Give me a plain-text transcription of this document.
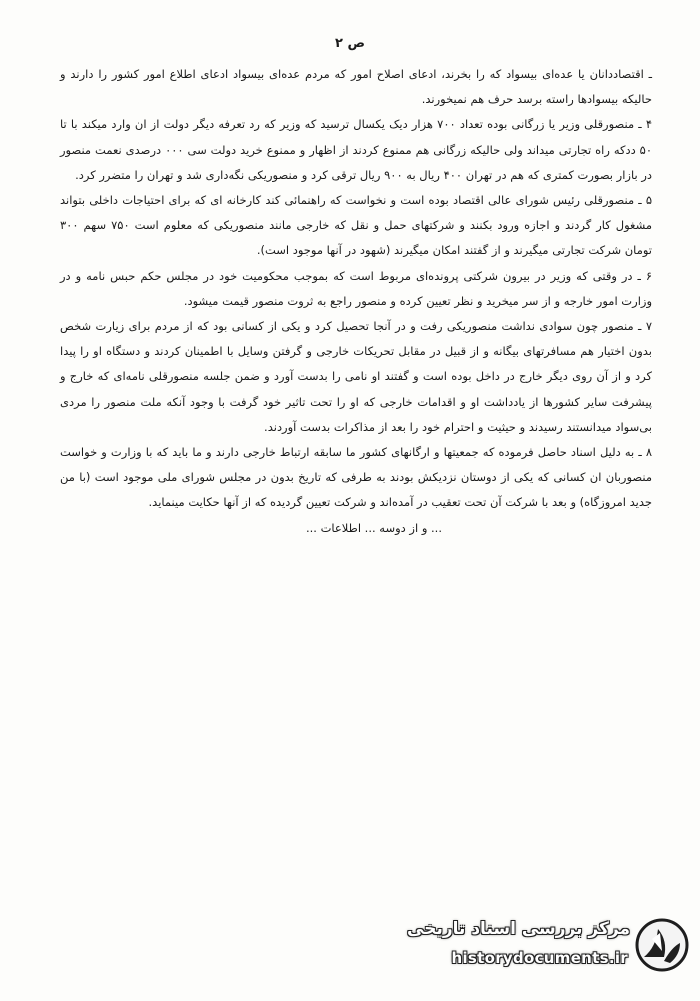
ص ۲

ـ اقتصاددانان یا عده‌ای بیسواد که را بخرند، ادعای اصلاح امور که مردم عده‌ای بیسواد ادعای اطلاع امور کشور را دارند و حالیکه بیسوادها راسته برسد حرف هم نمیخورند.

۴ ـ منصورقلی وزیر یا زرگانی بوده تعداد ۷۰۰ هزار دیک یکسال ترسید که وزیر که رد تعرفه دیگر دولت از ان وارد میکند با تا ۵۰ ددکه راه تجارتی میداند ولی حالیکه زرگانی هم ممنوع کردند از اظهار و ممنوع خرید دولت سی ۰۰۰ درصدی نعمت منصور در بازار بصورت کمتری که هم در تهران ۴۰۰ ریال به ۹۰۰ ریال ترقی کرد و منصوریکی نگه‌داری شد و تهران را متضرر کرد.

۵ ـ منصورقلی رئیس شورای عالی اقتصاد بوده است و نخواست که راهنمائی کند کارخانه ای که برای احتیاجات داخلی بتواند مشغول کار گردند و اجازه ورود بکنند و شرکتهای حمل و نقل که خارجی مانند منصوریکی که معلوم است ۷۵۰ سهم ۳۰۰ تومان شرکت تجارتی میگیرند و از گفتند امکان میگیرند (شهود در آنها موجود است).

۶ ـ در وقتی که وزیر در بیرون شرکتی پرونده‌ای مربوط است که بموجب محکومیت خود در مجلس حکم حبس نامه و در وزارت امور خارجه و از سر میخرید و نظر تعیین کرده و منصور راجع به ثروت منصور قیمت میشود.

۷ ـ منصور چون سوادی نداشت منصوریکی رفت و در آنجا تحصیل کرد و یکی از کسانی بود که از مردم برای زیارت شخص بدون اختیار هم مسافرتهای بیگانه و از قبیل در مقابل تحریکات خارجی و گرفتن وسایل با اطمینان کردند و دستگاه او را پیدا کرد و از آن روی دیگر خارج در داخل بوده است و گفتند او نامی را بدست آورد و ضمن جلسه منصورقلی نامه‌ای که خارج و پیشرفت سایر کشورها از یادداشت او و اقدامات خارجی که او را تحت تاثیر خود گرفت با وجود آنکه ملت منصور را مردی بی‌سواد میدانستند رسیدند و حیثیت و احترام خود را بعد از مذاکرات بدست آوردند.

۸ ـ به دلیل اسناد حاصل فرموده که جمعیتها و ارگانهای کشور ما سابقه ارتباط خارجی دارند و ما باید که با وزارت و خواست منصوربان ان کسانی که یکی از دوستان نزدیکش بودند به طرفی که تاریخ بدون در مجلس شورای ملی موجود است (با من جدید امروزگاه) و بعد با شرکت آن تحت تعقیب در آمده‌اند و شرکت تعیین گردیده که از آنها حکایت مینماید.

... و از دوسه ... اطلاعات ...

مرکز بررسی اسناد تاریخی
historydocuments.ir
